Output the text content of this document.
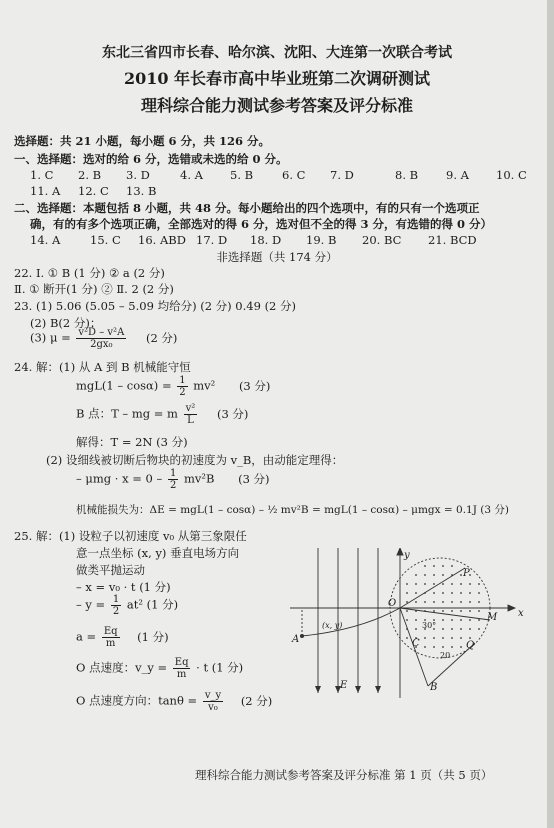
东北三省四市长春、哈尔滨、沈阳、大连第一次联合考试
2010 年长春市高中毕业班第二次调研测试
理科综合能力测试参考答案及评分标准
选择题：共 21 小题，每小题 6 分，共 126 分。
一、选择题：选对的给 6 分，选错或未选的给 0 分。
1. C 2. B 3. D	4. A 5. B	6. C 7. D	8. B 9. A 10. C
11. A 12. C 13. B
二、选择题：本题包括 8 小题，共 48 分。每小题给出的四个选项中，有的只有一个选项正
确，有的有多个选项正确，全部选对的得 6 分，选对但不全的得 3 分，有选错的得 0 分）
14. A	15. C 16. ABD 17. D 18. D 19. B 20. BC 21. BCD
非选择题（共 174 分）
22. Ⅰ. ① B (1 分) ② a (2 分)
Ⅱ. ① 断开(1 分) ② Ⅱ. 2 (2 分)
23. (1) 5.06 (5.05 – 5.09 均给分) (2 分) 0.49 (2 分)
(2) B(2 分)；
(3) $\mu = \frac{\text{v²D – v²A}}{\text{2gx₀}} (2$ 分)
24. 解：(1) 从 A 到 B 机械能守恒
$mgL(1 - \cos\alpha) = \frac{1}{2} mv^2$ (3 分)
B 点：T – mg = m $\frac{\text{v²}}{L} (3$ 分)
解得：T = 2N (3 分)
(2) 设细线被切断后物块的初速度为 v_B，由动能定理得：
– $\mu mg \cdot x = 0 - \frac{1}{2} mv^2B$ (3 分)
机械能损失为：ΔE = mgL(1 – cosα) – ½ mv²B = mgL(1 – cosα) – μmgx = 0.1J (3 分)
25. 解：(1) 设粒子以初速度 v₀ 从第三象限任
意一点坐标 (x, y) 垂直电场方向
做类平抛运动
– x = v₀ · t (1 分)
– $y = \frac{1}{2} at^2$ (1 分)
$a = \frac{Eq}{m} (1$ 分)
O 点速度：v_y = $\frac{Eq}{m} \cdot t$ (1 分)
O 点速度方向：$\tan\theta = \frac{v\_y}{\text{v₀}} (2$ 分)
y
x
O
P
M
C	Q
B
A
(x, y)
E
20
30°
理科综合能力测试参考答案及评分标准 第 1 页（共 5 页）
